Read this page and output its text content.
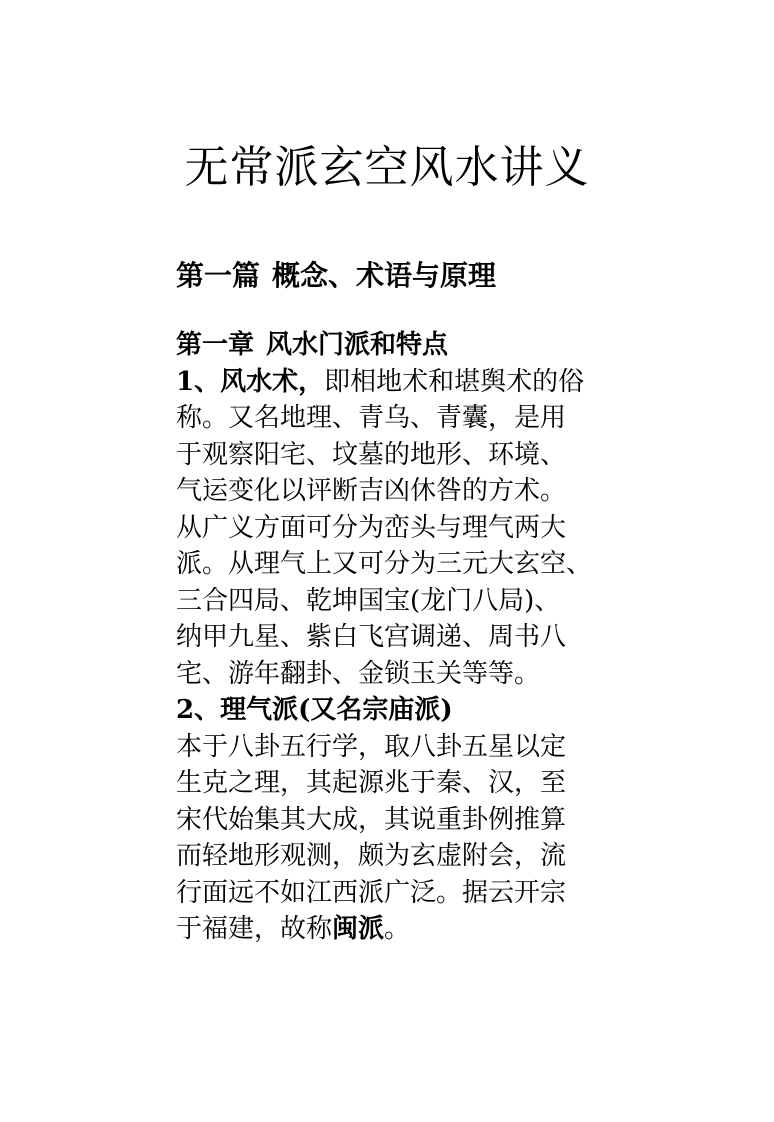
无常派玄空风水讲义
第一篇 概念、术语与原理
第一章 风水门派和特点
1、风水术，即相地术和堪舆术的俗
称。又名地理、青乌、青囊，是用
于观察阳宅、坟墓的地形、环境、
气运变化以评断吉凶休咎的方术。
从广义方面可分为峦头与理气两大
派。从理气上又可分为三元大玄空、
三合四局、乾坤国宝(龙门八局)、
纳甲九星、紫白飞宫调递、周书八
宅、游年翻卦、金锁玉关等等。
2、理气派(又名宗庙派)
本于八卦五行学，取八卦五星以定
生克之理，其起源兆于秦、汉，至
宋代始集其大成，其说重卦例推算
而轻地形观测，颇为玄虚附会，流
行面远不如江西派广泛。据云开宗
于福建，故称闽派。
